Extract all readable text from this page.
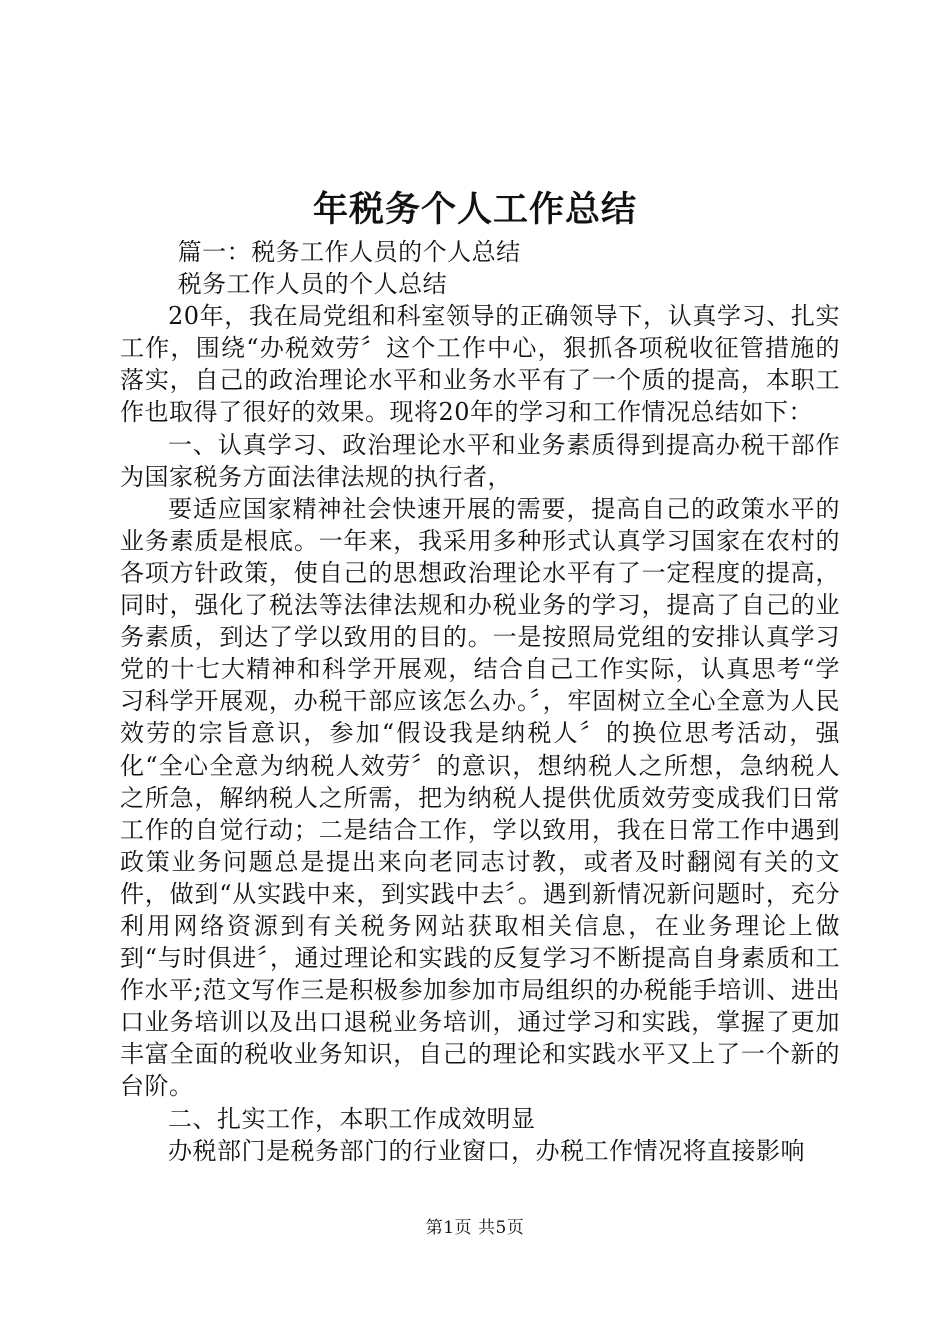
年税务个人工作总结

篇一：税务工作人员的个人总结

税务工作人员的个人总结

20年，我在局党组和科室领导的正确领导下，认真学习、扎实工作，围绕“办税效劳〞这个工作中心，狠抓各项税收征管措施的落实，自己的政治理论水平和业务水平有了一个质的提高，本职工作也取得了很好的效果。现将20年的学习和工作情况总结如下：

一、认真学习、政治理论水平和业务素质得到提高办税干部作为国家税务方面法律法规的执行者，

要适应国家精神社会快速开展的需要，提高自己的政策水平的业务素质是根底。一年来，我采用多种形式认真学习国家在农村的各项方针政策，使自己的思想政治理论水平有了一定程度的提高，同时，强化了税法等法律法规和办税业务的学习，提高了自己的业务素质，到达了学以致用的目的。一是按照局党组的安排认真学习党的十七大精神和科学开展观，结合自己工作实际，认真思考“学习科学开展观，办税干部应该怎么办。〞，牢固树立全心全意为人民效劳的宗旨意识，参加“假设我是纳税人〞的换位思考活动，强化“全心全意为纳税人效劳〞的意识，想纳税人之所想，急纳税人之所急，解纳税人之所需，把为纳税人提供优质效劳变成我们日常工作的自觉行动；二是结合工作，学以致用，我在日常工作中遇到政策业务问题总是提出来向老同志讨教，或者及时翻阅有关的文件，做到“从实践中来，到实践中去〞。遇到新情况新问题时，充分利用网络资源到有关税务网站获取相关信息，在业务理论上做到“与时俱进〞，通过理论和实践的反复学习不断提高自身素质和工作水平;范文写作三是积极参加参加市局组织的办税能手培训、进出口业务培训以及出口退税业务培训，通过学习和实践，掌握了更加丰富全面的税收业务知识，自己的理论和实践水平又上了一个新的台阶。

二、扎实工作，本职工作成效明显

办税部门是税务部门的行业窗口，办税工作情况将直接影响

第1页 共5页
